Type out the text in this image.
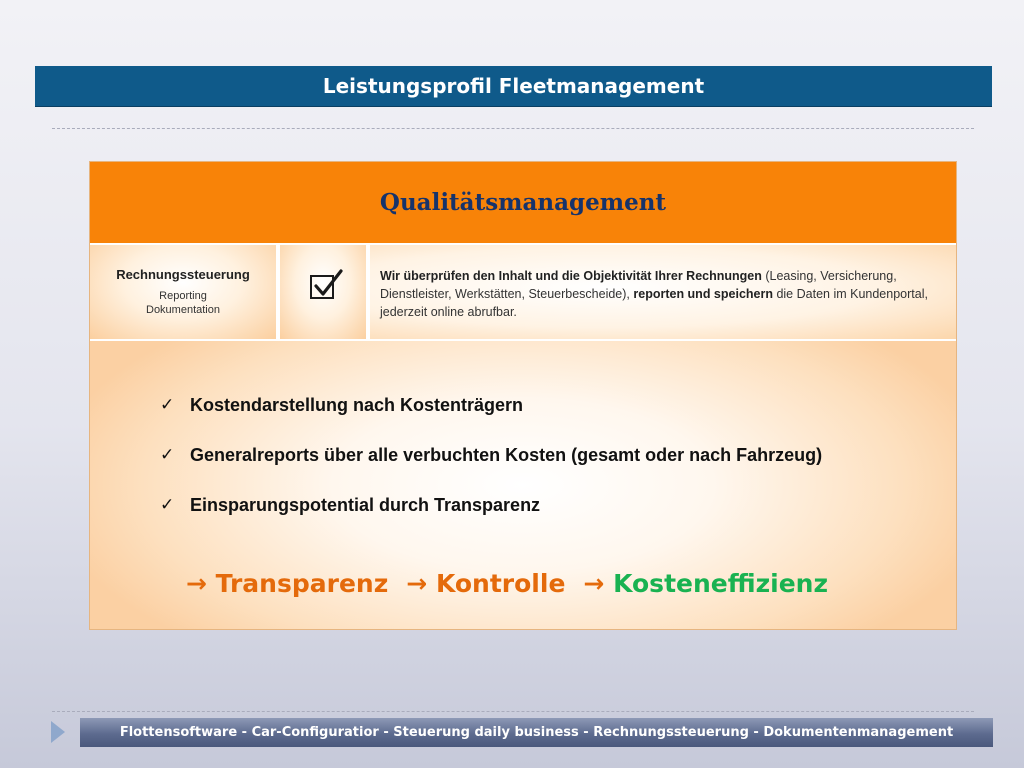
Leistungsprofil Fleetmanagement
Qualitätsmanagement
Rechnungssteuerung
Reporting
Dokumentation
Wir überprüfen den Inhalt und die Objektivität Ihrer Rechnungen (Leasing, Versicherung, Dienstleister, Werkstätten, Steuerbescheide), reporten und speichern die Daten im Kundenportal, jederzeit online abrufbar.
✓ Kostendarstellung nach Kostenträgern
✓ Generalreports über alle verbuchten Kosten (gesamt oder nach Fahrzeug)
✓ Einsparungspotential durch Transparenz
→ Transparenz → Kontrolle → Kosteneffizienz
Flottensoftware - Car-Configuratior - Steuerung daily business - Rechnungssteuerung - Dokumentenmanagement
